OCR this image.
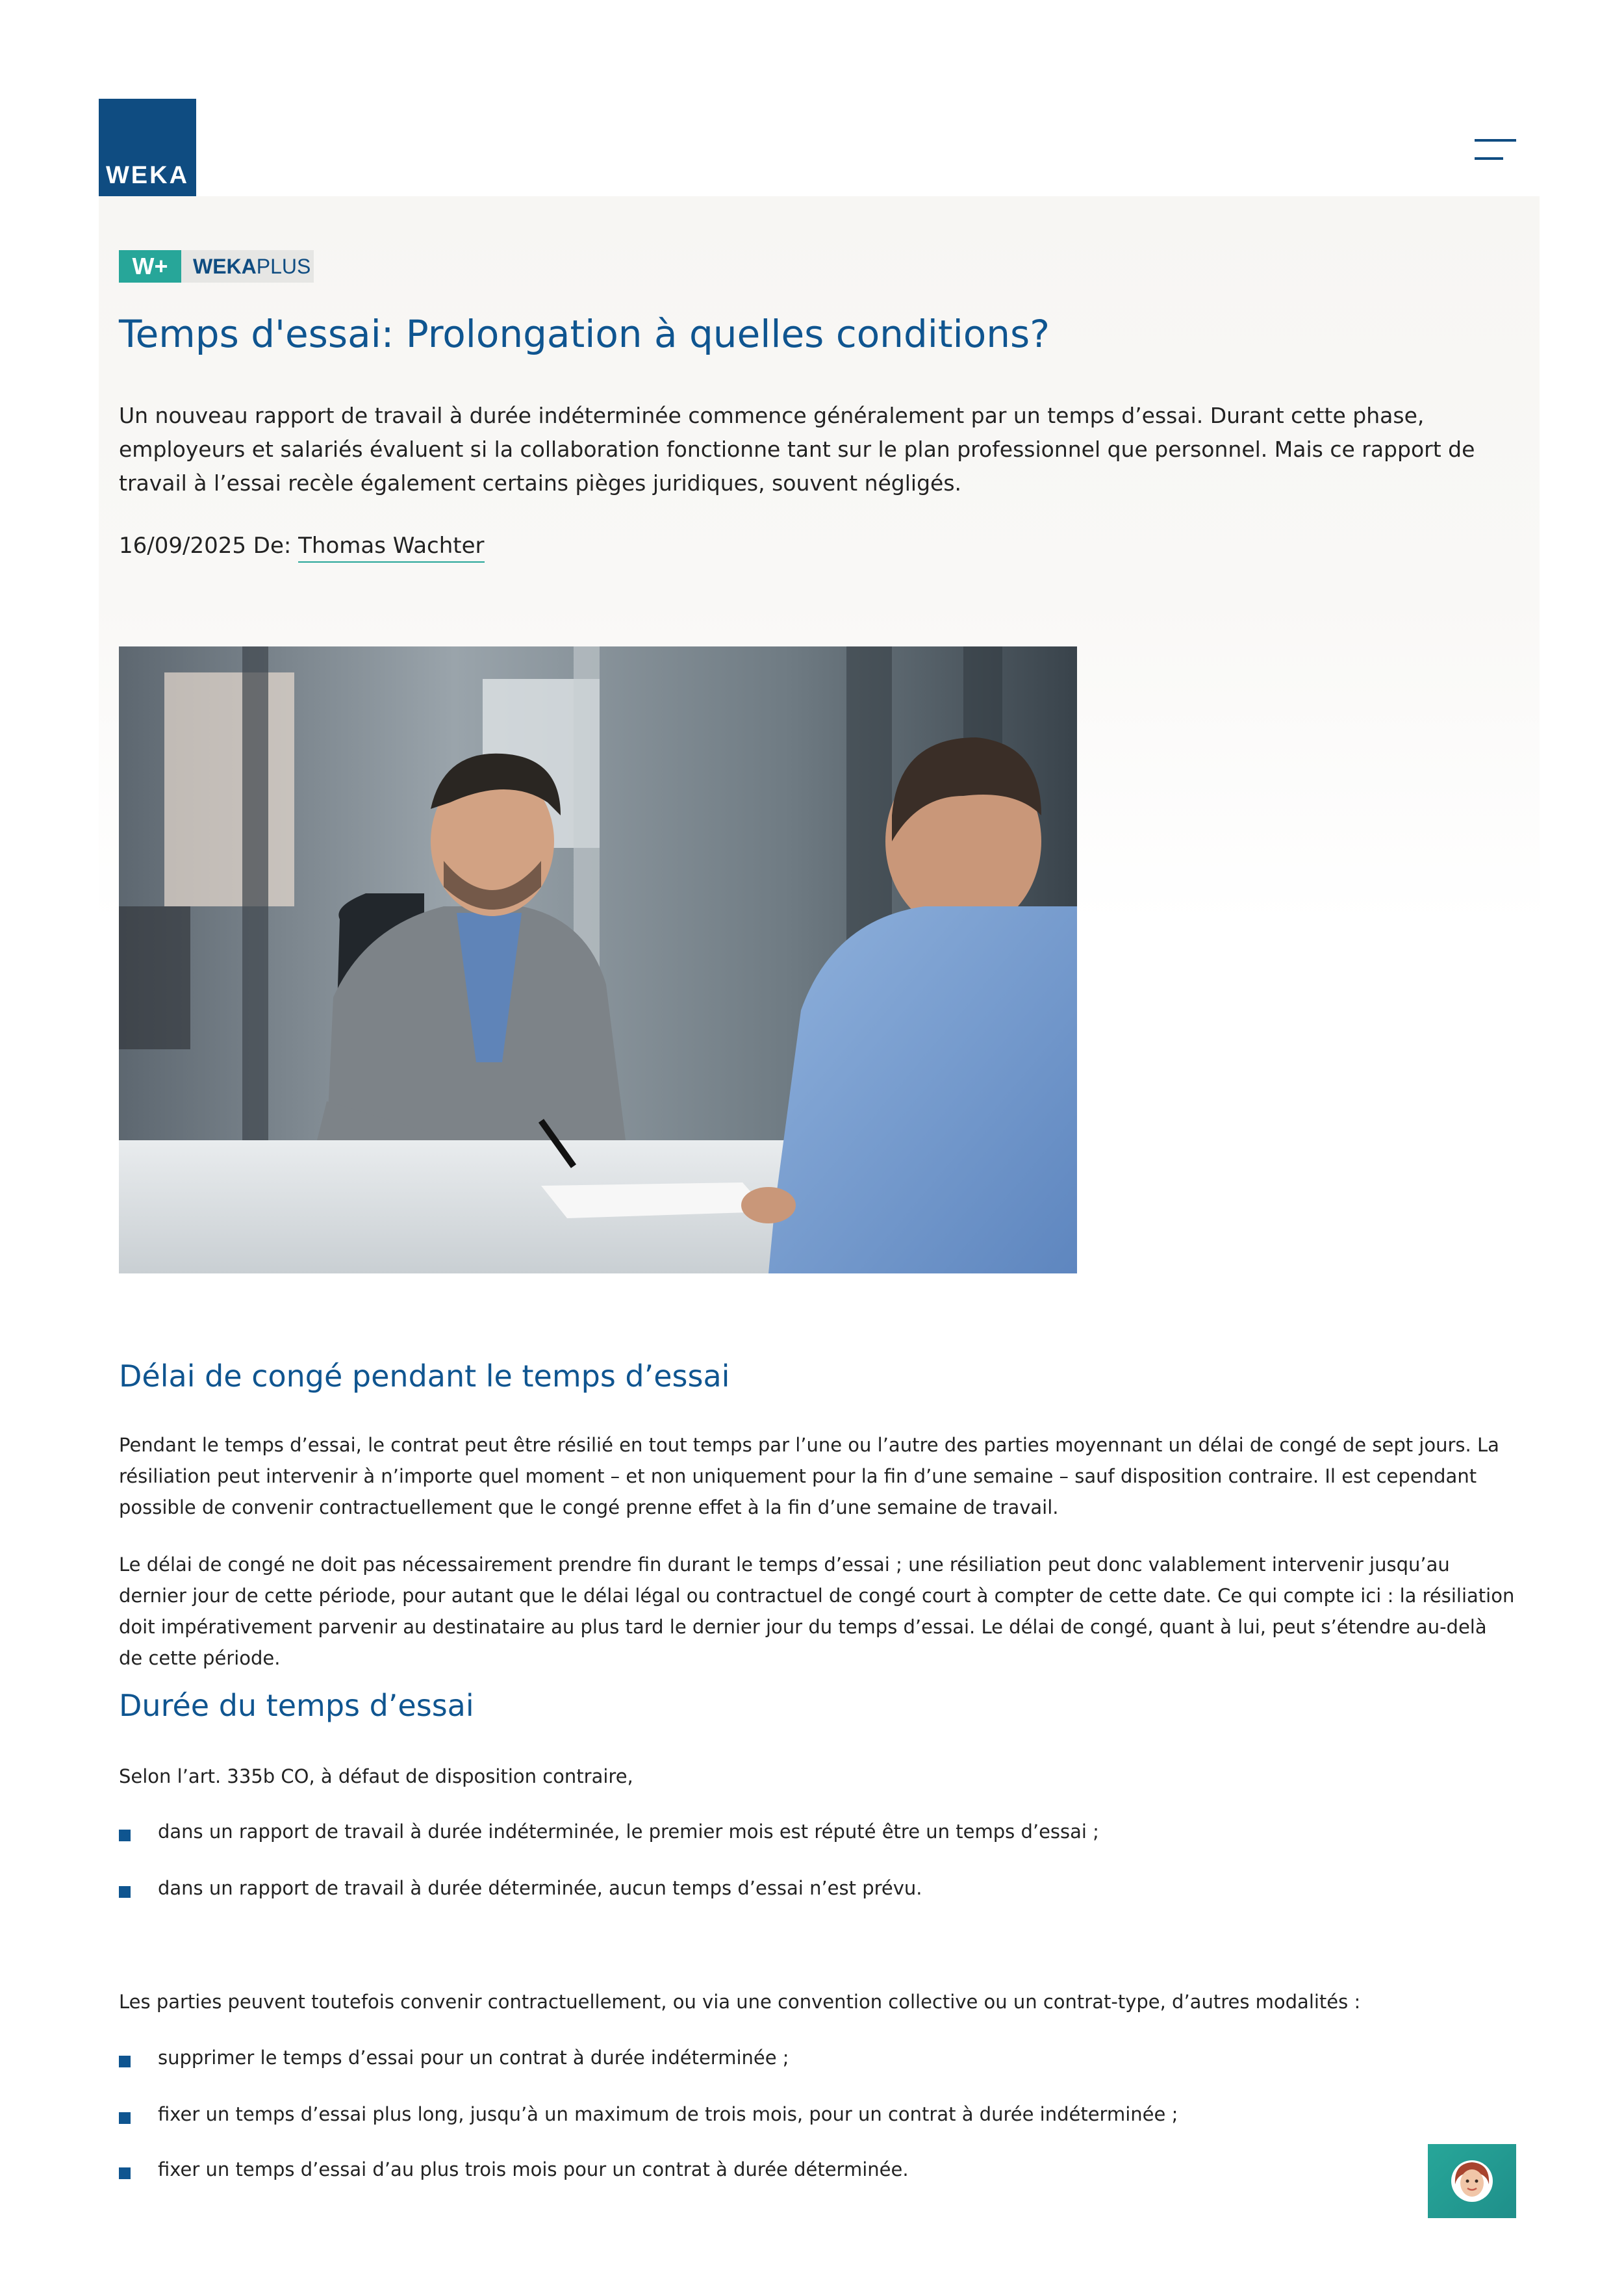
WEKA
W+	WEKAPLUS
Temps d'essai: Prolongation à quelles conditions?

Un nouveau rapport de travail à durée indéterminée commence généralement par un temps d’essai. Durant cette phase, employeurs et salariés évaluent si la collaboration fonctionne tant sur le plan professionnel que personnel. Mais ce rapport de travail à l’essai recèle également certains pièges juridiques, souvent négligés.

16/09/2025 De: Thomas Wachter
Délai de congé pendant le temps d’essai

Pendant le temps d’essai, le contrat peut être résilié en tout temps par l’une ou l’autre des parties moyennant un délai de congé de sept jours. La résiliation peut intervenir à n’importe quel moment – et non uniquement pour la fin d’une semaine – sauf disposition contraire. Il est cependant possible de convenir contractuellement que le congé prenne effet à la fin d’une semaine de travail.

Le délai de congé ne doit pas nécessairement prendre fin durant le temps d’essai ; une résiliation peut donc valablement intervenir jusqu’au dernier jour de cette période, pour autant que le délai légal ou contractuel de congé court à compter de cette date. Ce qui compte ici : la résiliation doit impérativement parvenir au destinataire au plus tard le dernier jour du temps d’essai. Le délai de congé, quant à lui, peut s’étendre au-delà de cette période.

Durée du temps d’essai

Selon l’art. 335b CO, à défaut de disposition contraire,

dans un rapport de travail à durée indéterminée, le premier mois est réputé être un temps d’essai ;
dans un rapport de travail à durée déterminée, aucun temps d’essai n’est prévu.

Les parties peuvent toutefois convenir contractuellement, ou via une convention collective ou un contrat-type, d’autres modalités :

supprimer le temps d’essai pour un contrat à durée indéterminée ;
fixer un temps d’essai plus long, jusqu’à un maximum de trois mois, pour un contrat à durée indéterminée ;
fixer un temps d’essai d’au plus trois mois pour un contrat à durée déterminée.
